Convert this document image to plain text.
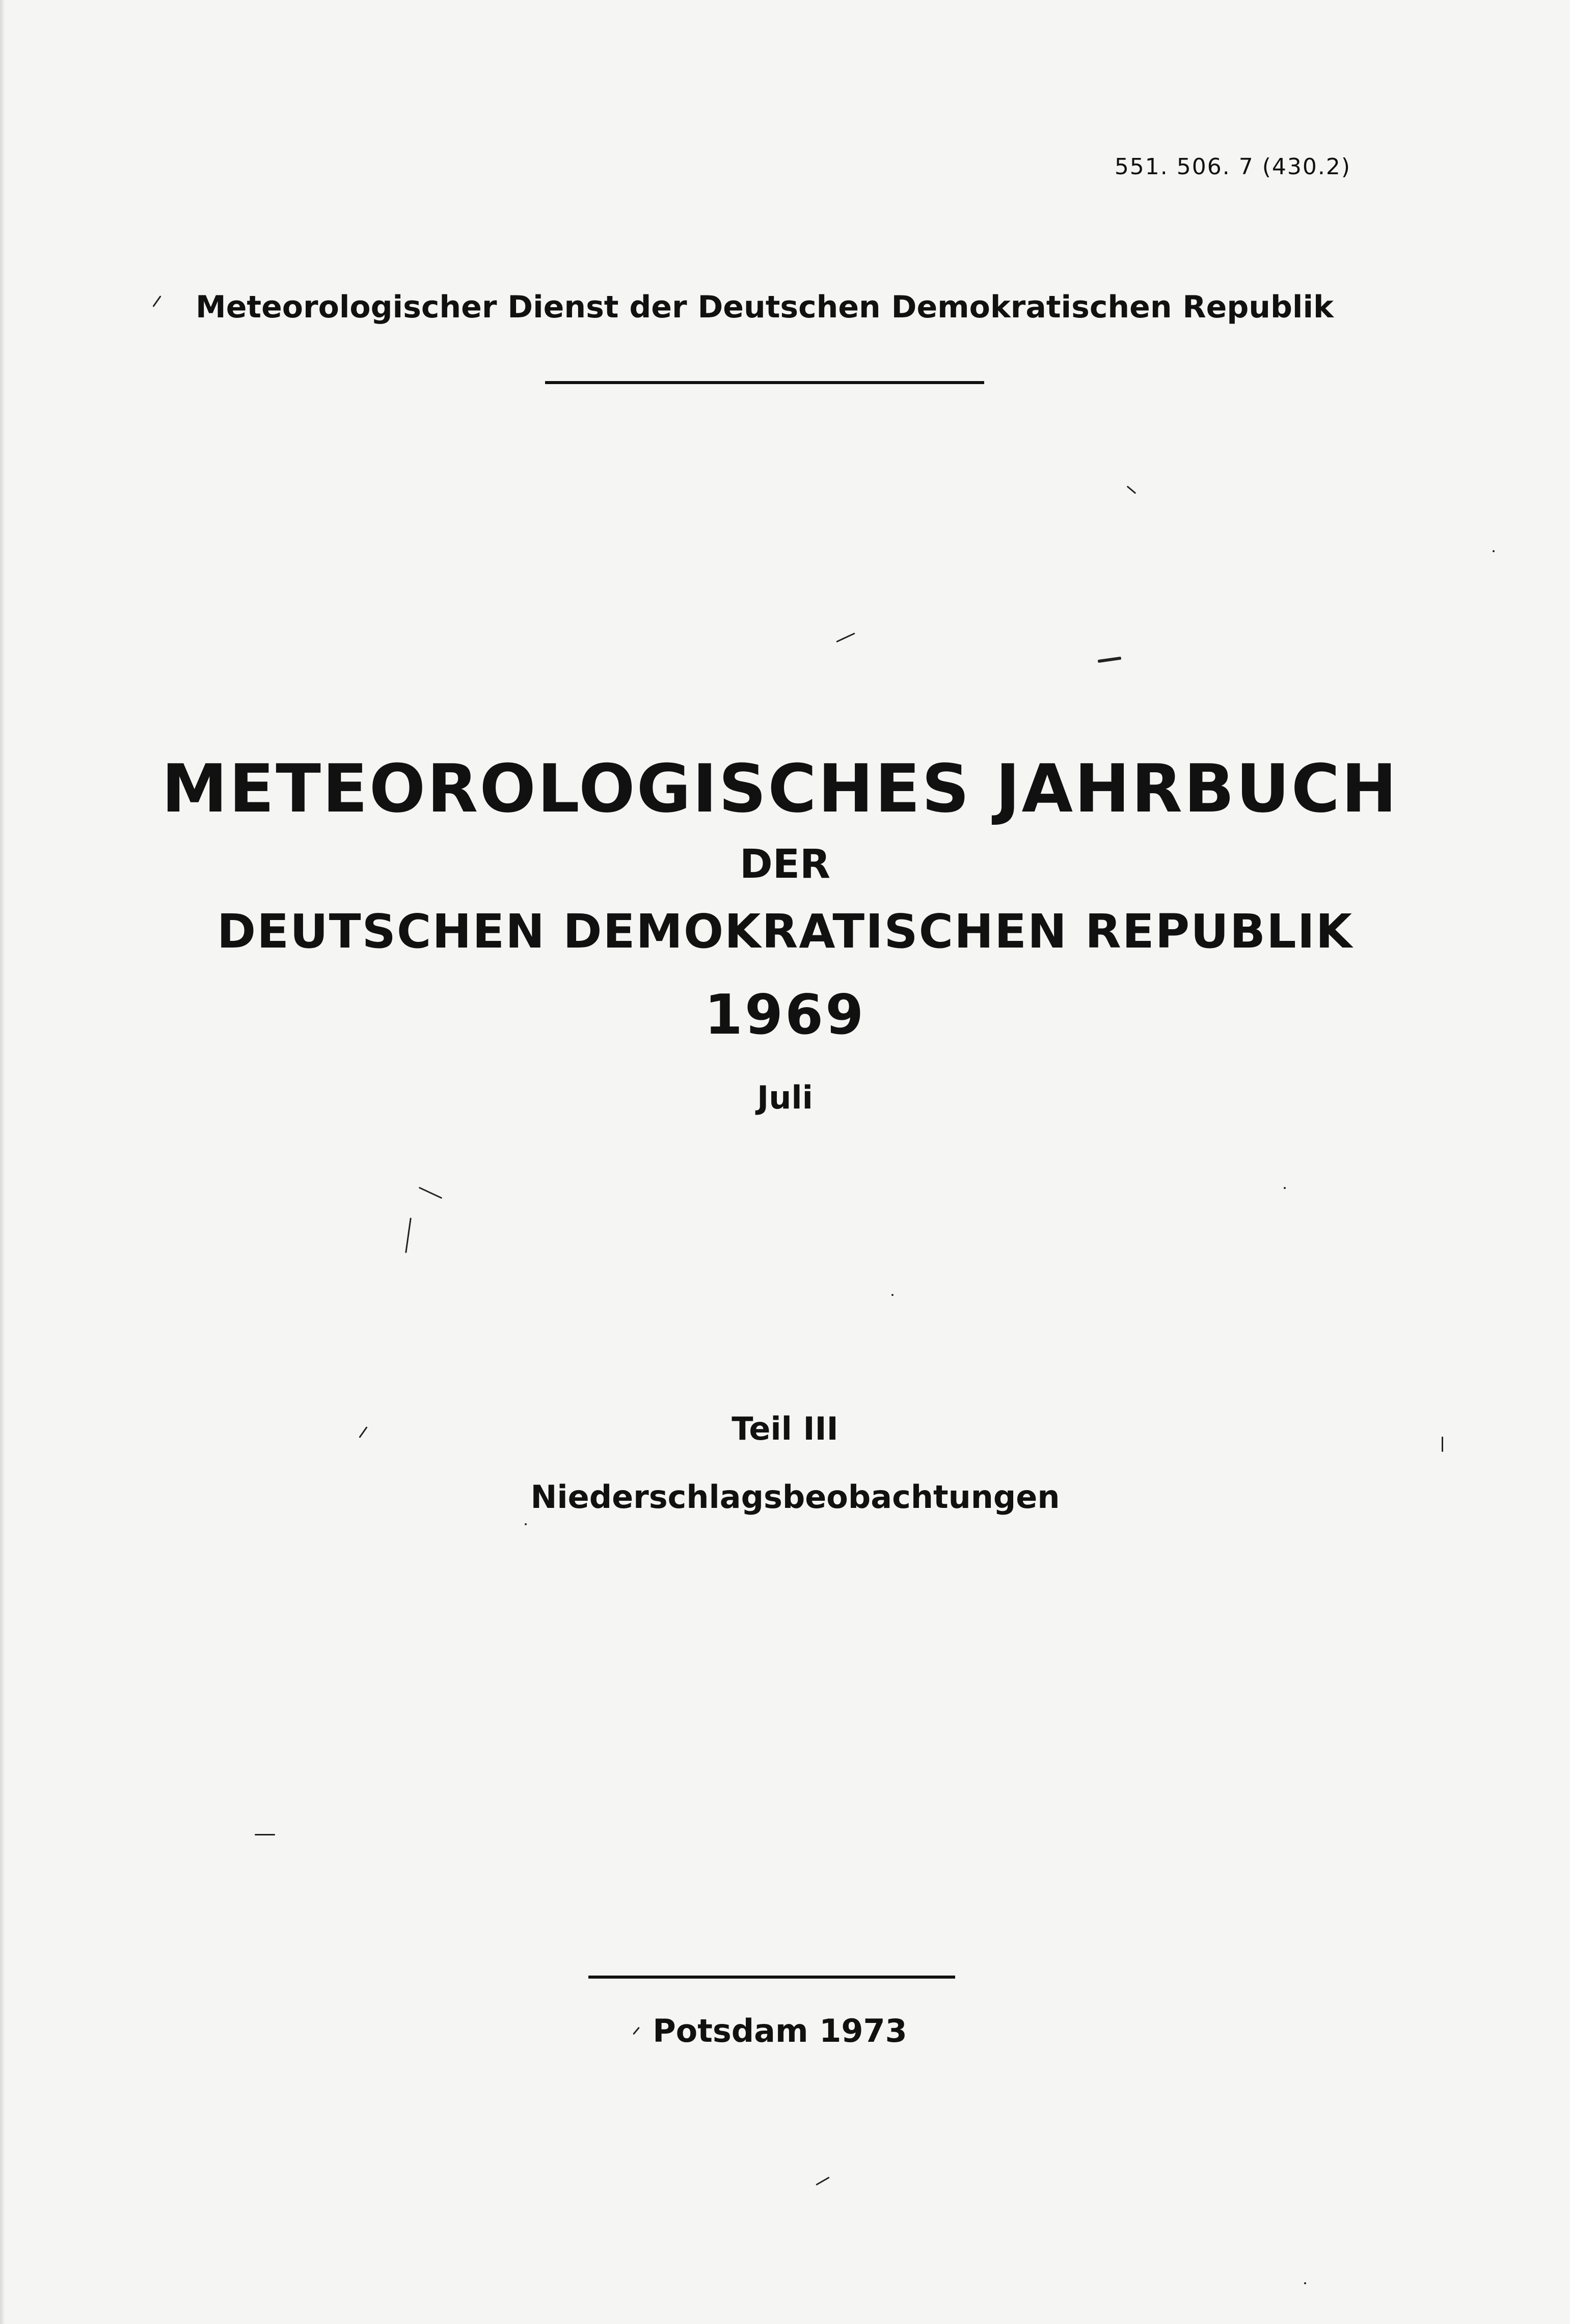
551. 506. 7 (430.2)

Meteorologischer Dienst der Deutschen Demokratischen Republik

METEOROLOGISCHES JAHRBUCH

DER

DEUTSCHEN DEMOKRATISCHEN REPUBLIK

1969

Juli

Teil III

Niederschlagsbeobachtungen

Potsdam 1973
